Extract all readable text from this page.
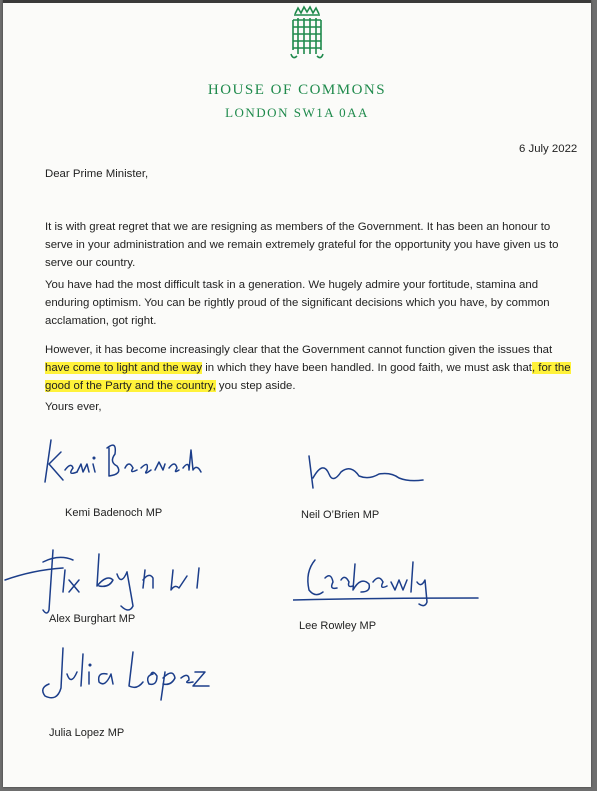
HOUSE OF COMMONS
LONDON SW1A 0AA
6 July 2022
Dear Prime Minister,
It is with great regret that we are resigning as members of the Government. It has been an honour to serve in your administration and we remain extremely grateful for the opportunity you have given us to serve our country.
You have had the most difficult task in a generation. We hugely admire your fortitude, stamina and enduring optimism. You can be rightly proud of the significant decisions which you have, by common acclamation, got right.
However, it has become increasingly clear that the Government cannot function given the issues that have come to light and the way in which they have been handled. In good faith, we must ask that, for the good of the Party and the country, you step aside.
Yours ever,
Kemi Badenoch MP	Neil O’Brien MP
Alex Burghart MP
Lee Rowley MP
Julia Lopez MP
